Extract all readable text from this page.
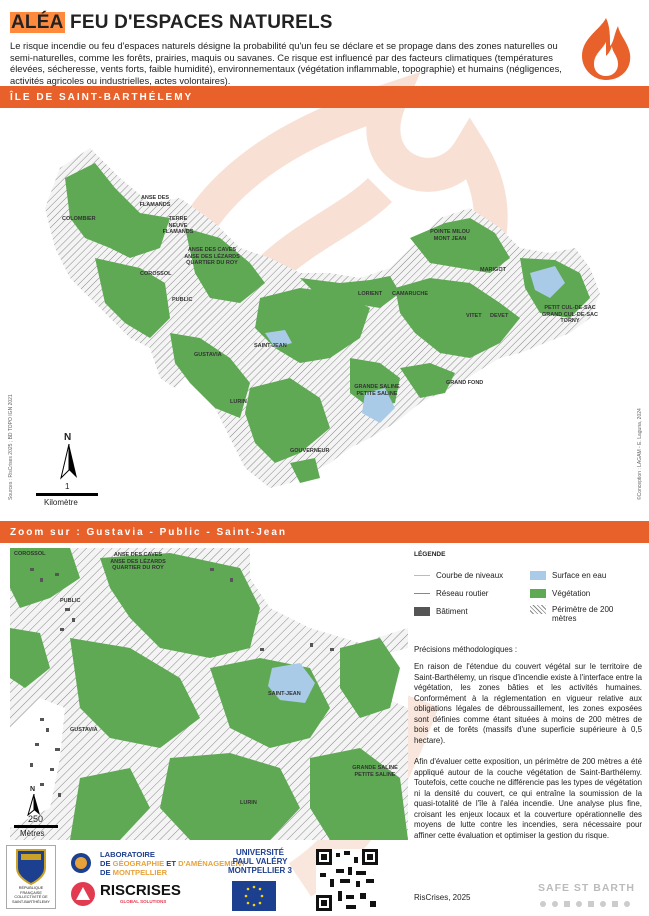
ALÉA FEU D'ESPACES NATURELS
Le risque incendie ou feu d'espaces naturels désigne la probabilité qu'un feu se déclare et se propage dans des zones naturelles ou semi-naturelles, comme les forêts, prairies, maquis ou savanes. Ce risque est influencé par des facteurs climatiques (températures élevées, sécheresse, vents forts, faible humidité), environnementaux (végétation inflammable, topographie) et humains (négligences, activités agricoles ou industrielles, actes volontaires).
ÎLE DE SAINT-BARTHÉLEMY
COLOMBIER
ANSE DES FLAMANDS
TERRE NEUVE FLAMANDS
ANSE DES CAVES ANSE DES LÉZARDS QUARTIER DU ROY
COROSSOL
PUBLIC
SAINT-JEAN
GUSTAVIA
LURIN
LORIENT CAMARUCHE
POINTE MILOU MONT JEAN
MARIGOT
PETIT CUL-DE-SAC GRAND CUL-DE-SAC TORNY
VITET DEVET
GRAND FOND
GRANDE SALINE PETITE SALINE
GOUVERNEUR
Sources : RisCrises 2025 ; BD TOPO IGN 2021	©Conception : LAGAM - E. Laguna, 2024
N
1
Kilomètre
Zoom sur : Gustavia - Public - Saint-Jean
COROSSOL	ANSE DES CAVES ANSE DES LÉZARDS QUARTIER DU ROY
PUBLIC
SAINT-JEAN
GUSTAVIA
GRANDE SALINE PETITE SALINE
LURIN
N
250
Mètres
LÉGENDE
Courbe de niveaux	Surface en eau
Réseau routier	Végétation
Bâtiment	Périmètre de 200 mètres
Précisions méthodologiques :
En raison de l'étendue du couvert végétal sur le territoire de Saint-Barthélemy, un risque d'incendie existe à l'interface entre la végétation, les zones bâties et les activités humaines. Conformément à la réglementation en vigueur relative aux obligations légales de débroussaillement, les zones exposées sont définies comme étant situées à moins de 200 mètres de bois et de forêts (massifs d'une superficie supérieure à 0,5 hectare).
Afin d'évaluer cette exposition, un périmètre de 200 mètres a été appliqué autour de la couche végétation de Saint-Barthélemy. Toutefois, cette couche ne différencie pas les types de végétation ni la densité du couvert, ce qui entraîne la soumission de la quasi-totalité de l'île à l'aléa incendie. Une analyse plus fine, croisant les enjeux locaux et la couverture opérationnelle des moyens de lutte contre les incendies, sera nécessaire pour affiner cette évaluation et optimiser la gestion du risque.
RisCrises, 2025
RÉPUBLIQUE FRANÇAISE COLLECTIVITÉ DE SAINT-BARTHÉLEMY
LABORATOIRE
DE GÉOGRAPHIE ET D'AMÉNAGEMENT
DE MONTPELLIER
RISCRISES
GLOBAL SOLUTIONS
UNIVERSITÉ PAUL VALÉRY MONTPELLIER 3
SAFE ST BARTH
